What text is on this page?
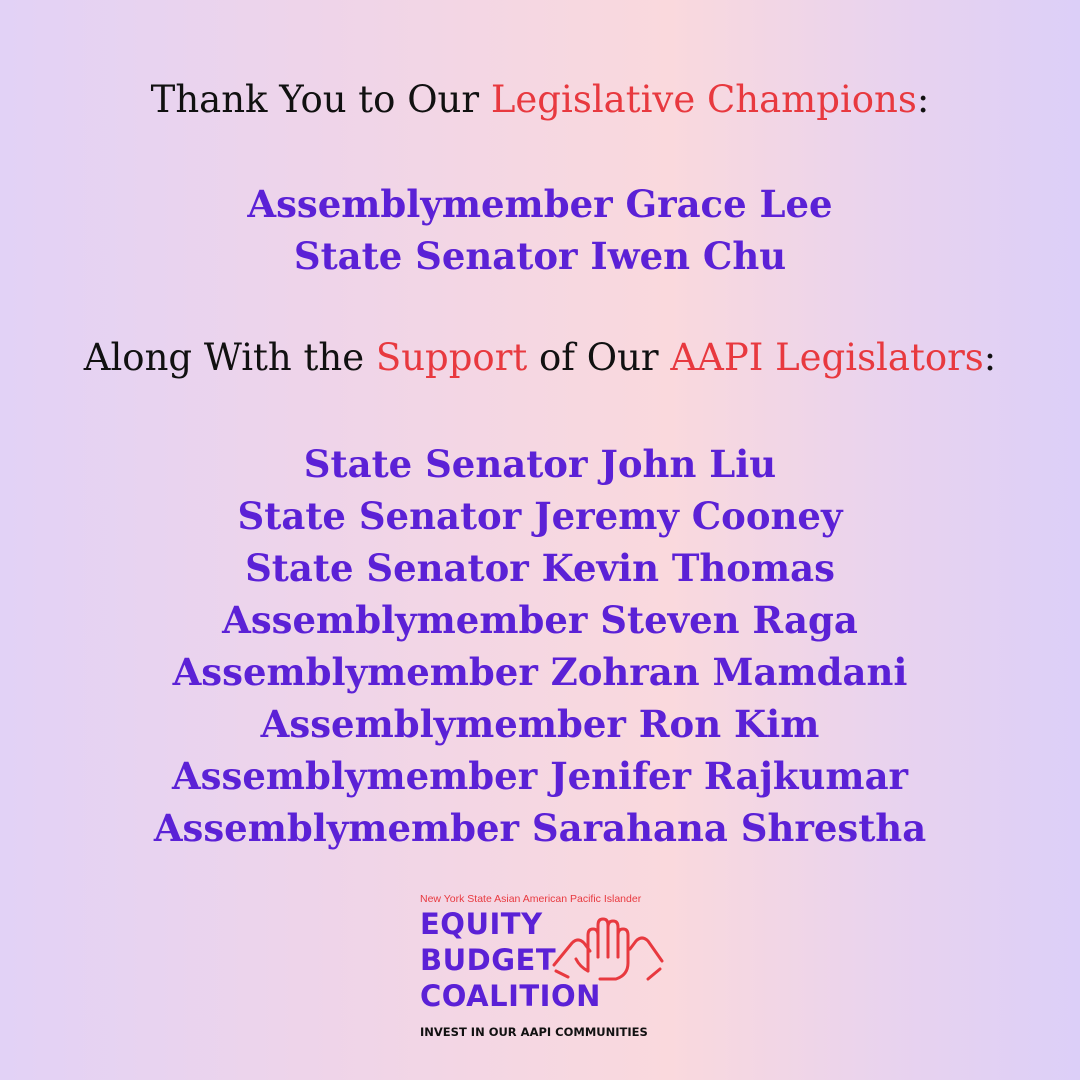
Thank You to Our Legislative Champions:
Assemblymember Grace Lee
State Senator Iwen Chu
Along With the Support of Our AAPI Legislators:
State Senator John Liu
State Senator Jeremy Cooney
State Senator Kevin Thomas
Assemblymember Steven Raga
Assemblymember Zohran Mamdani
Assemblymember Ron Kim
Assemblymember Jenifer Rajkumar
Assemblymember Sarahana Shrestha
New York State Asian American Pacific Islander
EQUITY
BUDGET
COALITION
INVEST IN OUR AAPI COMMUNITIES
